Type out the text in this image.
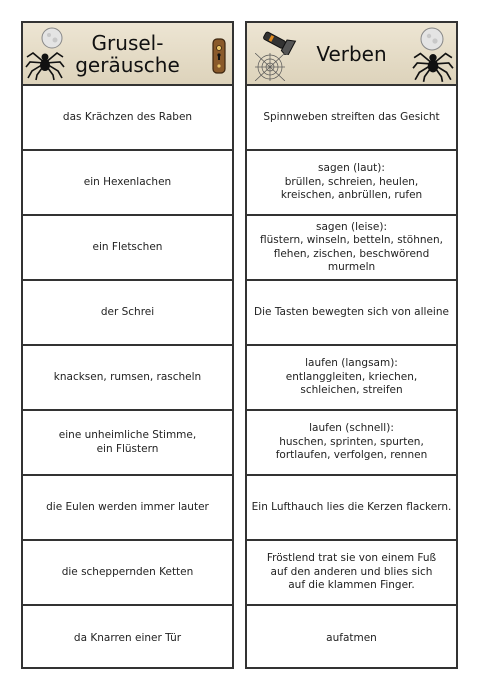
Grusel-
geräusche
das Krächzen des Raben
ein Hexenlachen
ein Fletschen
der Schrei
knacksen, rumsen, rascheln
eine unheimliche Stimme,
ein Flüstern
die Eulen werden immer lauter
die scheppernden Ketten
da Knarren einer Tür
Verben
Spinnweben streiften das Gesicht
sagen (laut):
brüllen, schreien, heulen,
kreischen, anbrüllen, rufen
sagen (leise):
flüstern, winseln, betteln, stöhnen,
flehen, zischen, beschwörend murmeln
Die Tasten bewegten sich von alleine
laufen (langsam):
entlanggleiten, kriechen,
schleichen, streifen
laufen (schnell):
huschen, sprinten, spurten,
fortlaufen, verfolgen, rennen
Ein Lufthauch lies die Kerzen flackern.
Fröstlend trat sie von einem Fuß
auf den anderen und blies sich
auf die klammen Finger.
aufatmen
